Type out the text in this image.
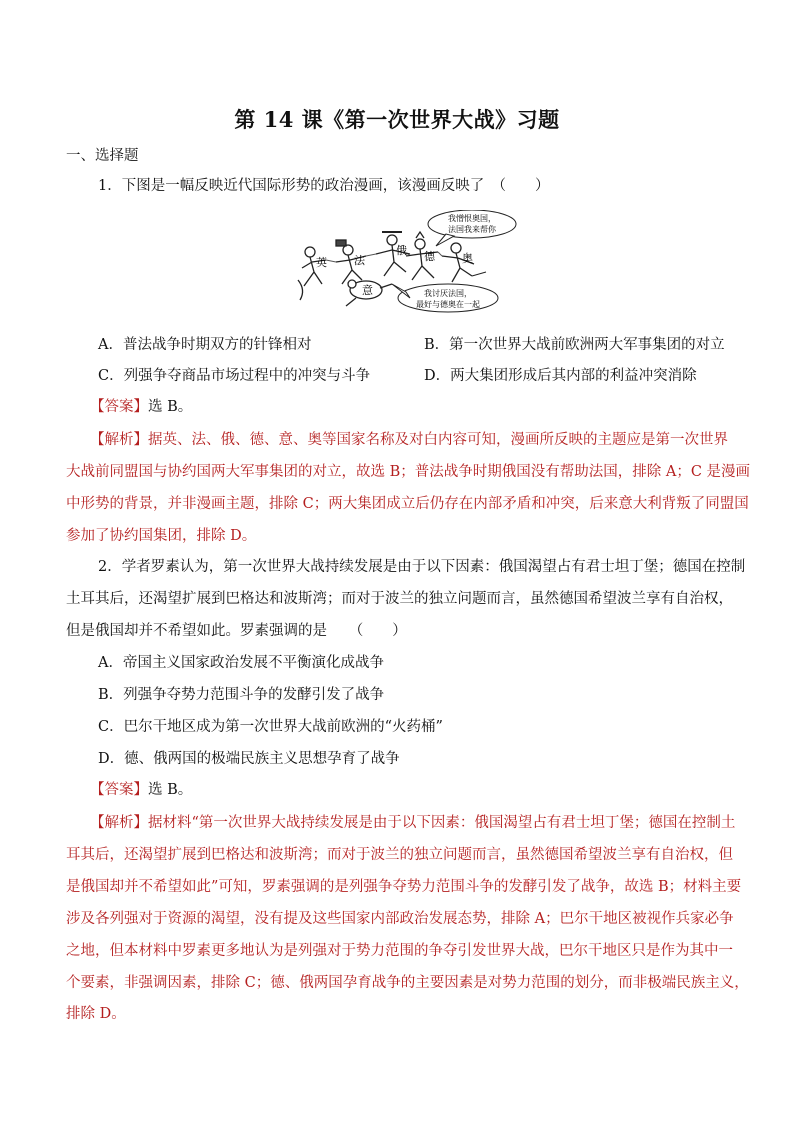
第 14 课《第一次世界大战》习题
一、选择题
1．下图是一幅反映近代国际形势的政治漫画，该漫画反映了　（　　）
我憎恨奥国，
法国我来帮你
我讨厌法国，
最好与德奥在一起
英 法
俄 德 奥
意
A．普法战争时期双方的针锋相对	B．第一次世界大战前欧洲两大军事集团的对立
C．列强争夺商品市场过程中的冲突与斗争	D．两大集团形成后其内部的利益冲突消除
【答案】选 B。
【解析】据英、法、俄、德、意、奥等国家名称及对白内容可知，漫画所反映的主题应是第一次世界
大战前同盟国与协约国两大军事集团的对立，故选 B；普法战争时期俄国没有帮助法国，排除 A；C 是漫画
中形势的背景，并非漫画主题，排除 C；两大集团成立后仍存在内部矛盾和冲突，后来意大利背叛了同盟国
参加了协约国集团，排除 D。
2．学者罗素认为，第一次世界大战持续发展是由于以下因素：俄国渴望占有君士坦丁堡；德国在控制
土耳其后，还渴望扩展到巴格达和波斯湾；而对于波兰的独立问题而言，虽然德国希望波兰享有自治权，
但是俄国却并不希望如此。罗素强调的是　　（　　）
A．帝国主义国家政治发展不平衡演化成战争
B．列强争夺势力范围斗争的发酵引发了战争
C．巴尔干地区成为第一次世界大战前欧洲的“火药桶”
D．德、俄两国的极端民族主义思想孕育了战争
【答案】选 B。
【解析】据材料“第一次世界大战持续发展是由于以下因素：俄国渴望占有君士坦丁堡；德国在控制土
耳其后，还渴望扩展到巴格达和波斯湾；而对于波兰的独立问题而言，虽然德国希望波兰享有自治权，但
是俄国却并不希望如此”可知，罗素强调的是列强争夺势力范围斗争的发酵引发了战争，故选 B；材料主要
涉及各列强对于资源的渴望，没有提及这些国家内部政治发展态势，排除 A；巴尔干地区被视作兵家必争
之地，但本材料中罗素更多地认为是列强对于势力范围的争夺引发世界大战，巴尔干地区只是作为其中一
个要素，非强调因素，排除 C；德、俄两国孕育战争的主要因素是对势力范围的划分，而非极端民族主义，
排除 D。
